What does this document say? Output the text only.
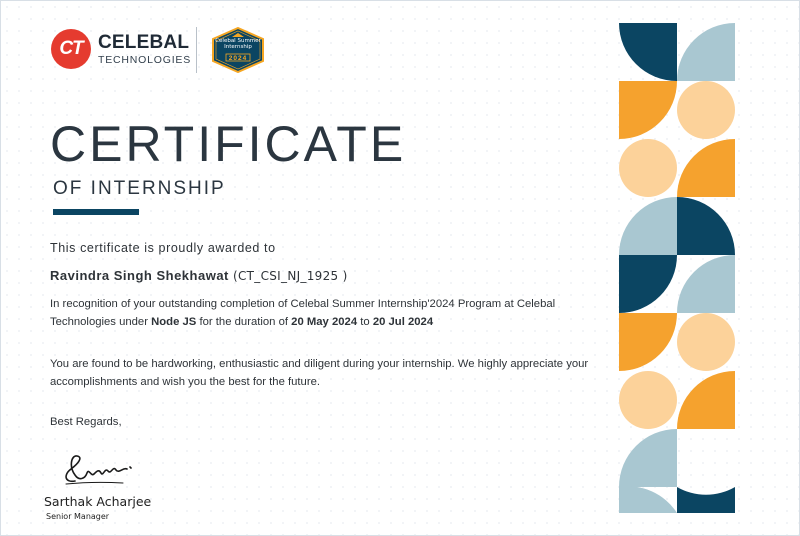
CT CELEBAL
TECHNOLOGIES
Celebal Summer
Internship
2024
CERTIFICATE
OF INTERNSHIP
This certificate is proudly awarded to
Ravindra Singh Shekhawat (CT_CSI_NJ_1925 )
In recognition of your outstanding completion of Celebal Summer Internship'2024 Program at Celebal Technologies under Node JS for the duration of 20 May 2024 to 20 Jul 2024
You are found to be hardworking, enthusiastic and diligent during your internship. We highly appreciate your accomplishments and wish you the best for the future.
Best Regards,
Sarthak Acharjee
Senior Manager
